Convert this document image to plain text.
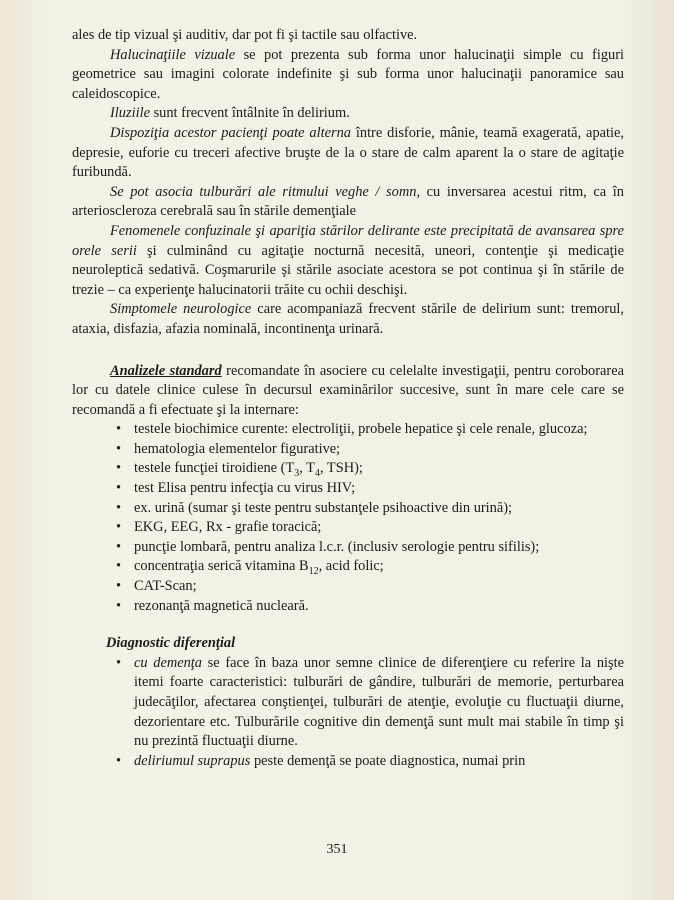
ales de tip vizual şi auditiv, dar pot fi şi tactile sau olfactive.

Halucinaţiile vizuale se pot prezenta sub forma unor halucinaţii simple cu figuri geometrice sau imagini colorate indefinite şi sub forma unor halucinaţii panoramice sau caleidoscopice.

Iluziile sunt frecvent întâlnite în delirium.

Dispoziţia acestor pacienţi poate alterna între disforie, mânie, teamă exagerată, apatie, depresie, euforie cu treceri afective bruşte de la o stare de calm aparent la o stare de agitaţie furibundă.

Se pot asocia tulburări ale ritmului veghe / somn, cu inversarea acestui ritm, ca în arterioscleroza cerebrală sau în stările demenţiale

Fenomenele confuzinale şi apariţia stărilor delirante este precipitată de avansarea spre orele serii şi culminând cu agitaţie nocturnă necesită, uneori, contenţie şi medicaţie neuroleptică sedativă. Coşmarurile şi stările asociate acestora se pot continua şi în stările de trezie – ca experienţe halucinatorii trăite cu ochii deschişi.

Simptomele neurologice care acompaniază frecvent stările de delirium sunt: tremorul, ataxia, disfazia, afazia nominală, incontinenţa urinară.

Analizele standard recomandate în asociere cu celelalte investigaţii, pentru coroborarea lor cu datele clinice culese în decursul examinărilor succesive, sunt în mare cele care se recomandă a fi efectuate şi la internare:

• testele biochimice curente: electroliţii, probele hepatice şi cele renale, glucoza;
• hematologia elementelor figurative;
• testele funcţiei tiroidiene ($T_3$, $T_4$, TSH);
• test Elisa pentru infecţia cu virus HIV;
• ex. urină (sumar şi teste pentru substanţele psihoactive din urină);
• EKG, EEG, Rx - grafie toracică;
• puncţie lombară, pentru analiza l.c.r. (inclusiv serologie pentru sifilis);
• concentraţia serică vitamina $B_{12}$, acid folic;
• CAT-Scan;
• rezonanţă magnetică nucleară.

Diagnostic diferenţial

• cu demenţa se face în baza unor semne clinice de diferenţiere cu referire la nişte itemi foarte caracteristici: tulburări de gândire, tulburări de memorie, perturbarea judecăţilor, afectarea conştienţei, tulburări de atenţie, evoluţie cu fluctuaţii diurne, dezorientare etc. Tulburările cognitive din demenţă sunt mult mai stabile în timp şi nu prezintă fluctuaţii diurne.
• deliriumul suprapus peste demenţă se poate diagnostica, numai prin
351
